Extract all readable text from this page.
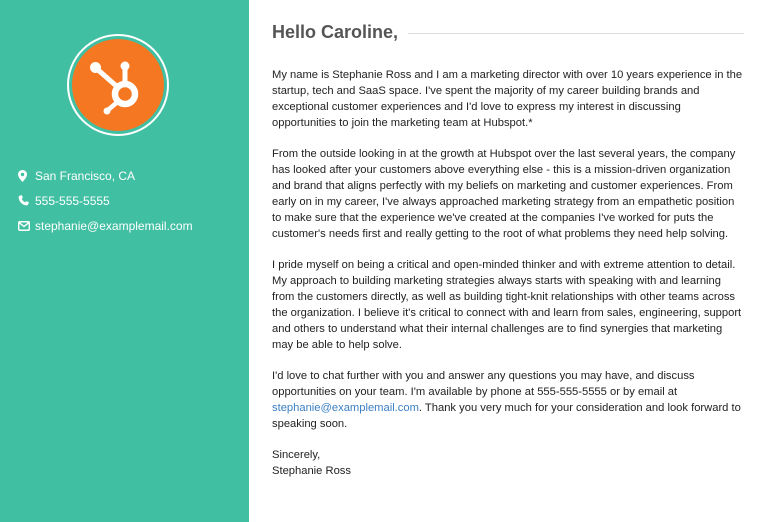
San Francisco, CA
555-555-5555
stephanie@examplemail.com
Hello Caroline,

My name is Stephanie Ross and I am a marketing director with over 10 years experience in the startup, tech and SaaS space. I've spent the majority of my career building brands and exceptional customer experiences and I'd love to express my interest in discussing opportunities to join the marketing team at Hubspot.*

From the outside looking in at the growth at Hubspot over the last several years, the company has looked after your customers above everything else - this is a mission-driven organization and brand that aligns perfectly with my beliefs on marketing and customer experiences. From early on in my career, I've always approached marketing strategy from an empathetic position to make sure that the experience we've created at the companies I've worked for puts the customer's needs first and really getting to the root of what problems they need help solving.

I pride myself on being a critical and open-minded thinker and with extreme attention to detail. My approach to building marketing strategies always starts with speaking with and learning from the customers directly, as well as building tight-knit relationships with other teams across the organization. I believe it's critical to connect with and learn from sales, engineering, support and others to understand what their internal challenges are to find synergies that marketing may be able to help solve.

I'd love to chat further with you and answer any questions you may have, and discuss opportunities on your team. I'm available by phone at 555-555-5555 or by email at stephanie@examplemail.com. Thank you very much for your consideration and look forward to speaking soon.

Sincerely,

Stephanie Ross
